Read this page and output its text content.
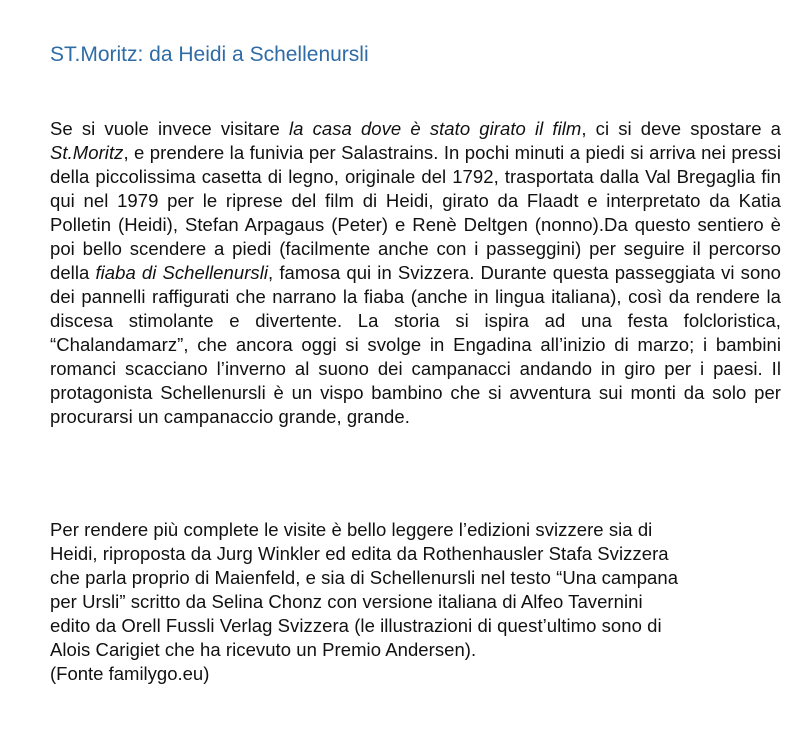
ST.Moritz: da Heidi a Schellenursli

Se si vuole invece visitare la casa dove è stato girato il film, ci si deve spostare a St.Moritz, e prendere la funivia per Salastrains. In pochi minuti a piedi si arriva nei pressi della piccolissima casetta di legno, originale del 1792, trasportata dalla Val Bregaglia fin qui nel 1979 per le riprese del film di Heidi, girato da Flaadt e interpretato da Katia Polletin (Heidi), Stefan Arpagaus (Peter) e Renè Deltgen (nonno).Da questo sentiero è poi bello scendere a piedi (facilmente anche con i passeggini) per seguire il percorso della fiaba di Schellenursli, famosa qui in Svizzera. Durante questa passeggiata vi sono dei pannelli raffigurati che narrano la fiaba (anche in lingua italiana), così da rendere la discesa stimolante e divertente. La storia si ispira ad una festa folcloristica, “Chalandamarz”, che ancora oggi si svolge in Engadina all’inizio di marzo; i bambini romanci scacciano l’inverno al suono dei campanacci andando in giro per i paesi. Il protagonista Schellenursli è un vispo bambino che si avventura sui monti da solo per procurarsi un campanaccio grande, grande.

Per rendere più complete le visite è bello leggere l’edizioni svizzere sia di
Heidi, riproposta da Jurg Winkler ed edita da Rothenhausler Stafa Svizzera
che parla proprio di Maienfeld, e sia di Schellenursli nel testo “Una campana
per Ursli” scritto da Selina Chonz con versione italiana di Alfeo Tavernini
edito da Orell Fussli Verlag Svizzera (le illustrazioni di quest’ultimo sono di
Alois Carigiet che ha ricevuto un Premio Andersen).

(Fonte familygo.eu)
